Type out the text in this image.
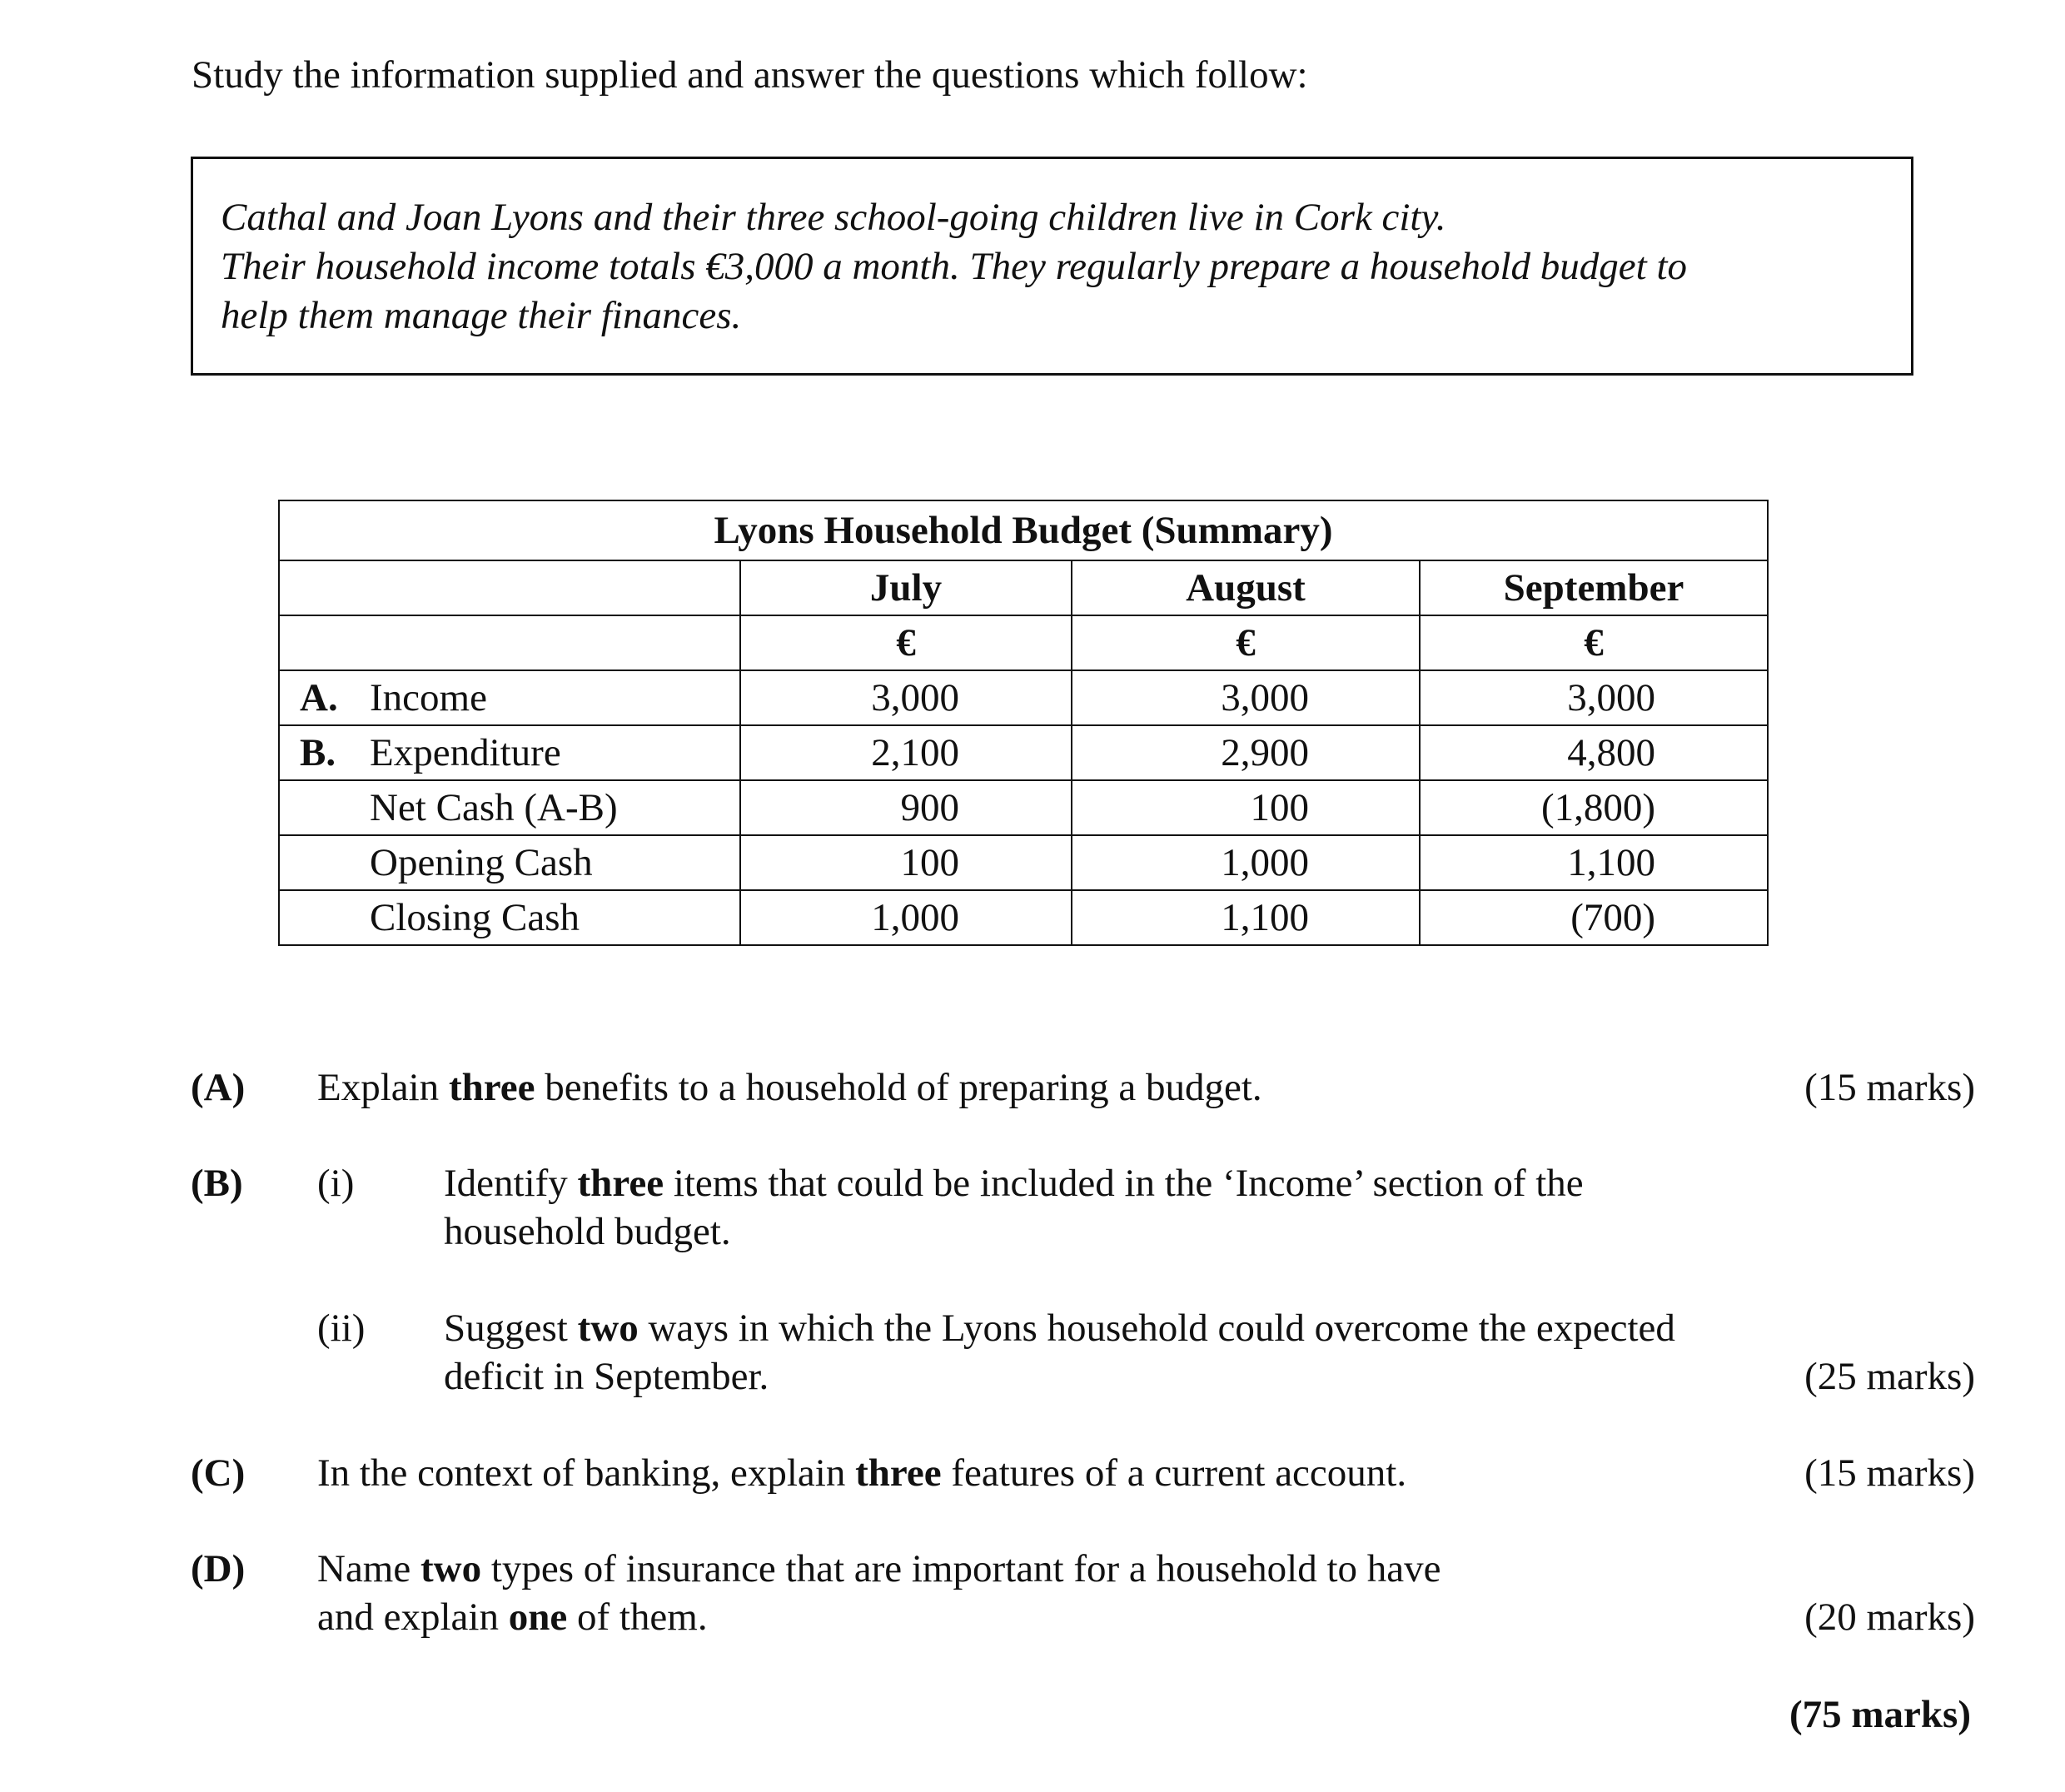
Study the information supplied and answer the questions which follow:
Cathal and Joan Lyons and their three school-going children live in Cork city.
Their household income totals €3,000 a month. They regularly prepare a household budget to
help them manage their finances.
Lyons Household Budget (Summary)			
	July	August	September
	€	€	€
A. Income	3,000	3,000	3,000

B. Expenditure	2,100	2,900	4,800

Net Cash (A-B)	900	100	(1,800)

Opening Cash	100	1,000	1,100

Closing Cash	1,000	1,100	(700)
(A) Explain three benefits to a household of preparing a budget.	(15 marks)
(B) (i) Identify three items that could be included in the ‘Income’ section of the
household budget.
(ii) Suggest two ways in which the Lyons household could overcome the expected
deficit in September.	(25 marks)
(C) In the context of banking, explain three features of a current account.	(15 marks)
(D) Name two types of insurance that are important for a household to have
and explain one of them.	(20 marks)
(75 marks)
